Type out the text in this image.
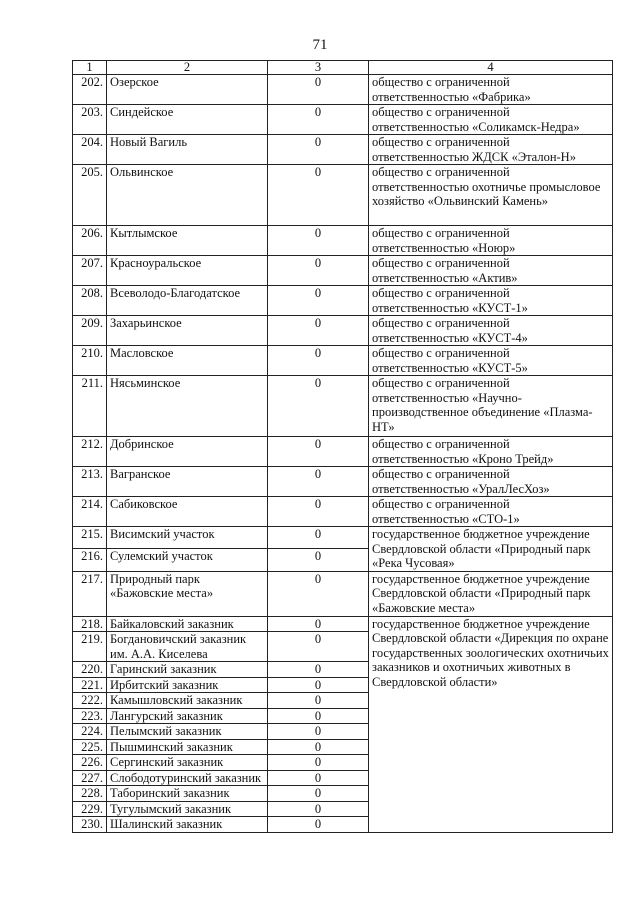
71
1	2	3	4
202.	Озерское	0	общество с ограниченной ответственностью «Фабрика»
203.	Синдейское	0	общество с ограниченной ответственностью «Соликамск-Недра»
204.	Новый Вагиль	0	общество с ограниченной ответственностью ЖДСК «Эталон-Н»
205.	Ольвинское	0	общество с ограниченной ответственностью охотничье промысловое хозяйство «Ольвинский Камень»
206.	Кытлымское	0	общество с ограниченной ответственностью «Ноюр»
207.	Красноуральское	0	общество с ограниченной ответственностью «Актив»
208.	Всеволодо-Благодатское	0	общество с ограниченной ответственностью «КУСТ-1»
209.	Захарьинское	0	общество с ограниченной ответственностью «КУСТ-4»
210.	Масловское	0	общество с ограниченной ответственностью «КУСТ-5»
211.	Нясьминское	0	общество с ограниченной ответственностью «Научно-производственное объединение «Плазма-НТ»
212.	Добринское	0	общество с ограниченной ответственностью «Кроно Трейд»
213.	Вагранское	0	общество с ограниченной ответственностью «УралЛесХоз»
214.	Сабиковское	0	общество с ограниченной ответственностью «СТО-1»
215.	Висимский участок	0	государственное бюджетное учреждение Свердловской области «Природный парк «Река Чусовая»
216.	Сулемский участок	0	
217.	Природный парк «Бажовские места»	0	государственное бюджетное учреждение Свердловской области «Природный парк «Бажовские места»
218.	Байкаловский заказник	0	государственное бюджетное учреждение Свердловской области «Дирекция по охране государственных зоологических охотничьих заказников и охотничьих животных в Свердловской области»
219.	Богдановичский заказник им. А.А. Киселева	0	
220.	Гаринский заказник	0	
221.	Ирбитский заказник	0	
222.	Камышловский заказник	0	
223.	Лангурский заказник	0	
224.	Пелымский заказник	0	
225.	Пышминский заказник	0	
226.	Сергинский заказник	0	
227.	Слободотуринский заказник	0	
228.	Таборинский заказник	0	
229.	Тугулымский заказник	0	
230.	Шалинский заказник	0	
